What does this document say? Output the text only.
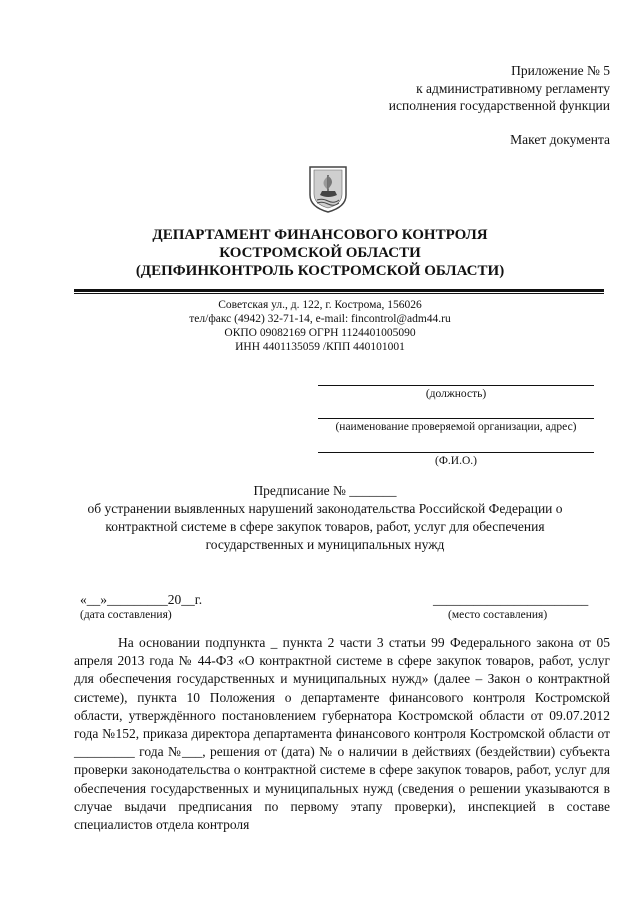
Приложение № 5
к административному регламенту
исполнения государственной функции
Макет документа
ДЕПАРТАМЕНТ ФИНАНСОВОГО КОНТРОЛЯ
КОСТРОМСКОЙ ОБЛАСТИ
(ДЕПФИНКОНТРОЛЬ КОСТРОМСКОЙ ОБЛАСТИ)
Советская ул., д. 122, г. Кострома, 156026
тел/факс (4942) 32-71-14, e-mail: fincontrol@adm44.ru
ОКПО 09082169 ОГРН 1124401005090
ИНН 4401135059 /КПП 440101001
(должность)
(наименование проверяемой организации, адрес)
(Ф.И.О.)
Предписание № _______
об устранении выявленных нарушений законодательства Российской Федерации о
контрактной системе в сфере закупок товаров, работ, услуг для обеспечения
государственных и муниципальных нужд
«__»_________20__г.
(дата составления)
_______________________
(место составления)

На основании подпункта _ пункта 2 части 3 статьи 99 Федерального закона от 05 апреля 2013 года № 44-ФЗ «О контрактной системе в сфере закупок товаров, работ, услуг для обеспечения государственных и муниципальных нужд» (далее – Закон о контрактной системе), пункта 10 Положения о департаменте финансового контроля Костромской области, утверждённого постановлением губернатора Костромской области от 09.07.2012 года №152, приказа директора департамента финансового контроля Костромской области от _________ года №___, решения от (дата) № о наличии в действиях (бездействии) субъекта проверки законодательства о контрактной системе в сфере закупок товаров, работ, услуг для обеспечения государственных и муниципальных нужд (сведения о решении указываются в случае выдачи предписания по первому этапу проверки), инспекцией в составе специалистов отдела контроля
